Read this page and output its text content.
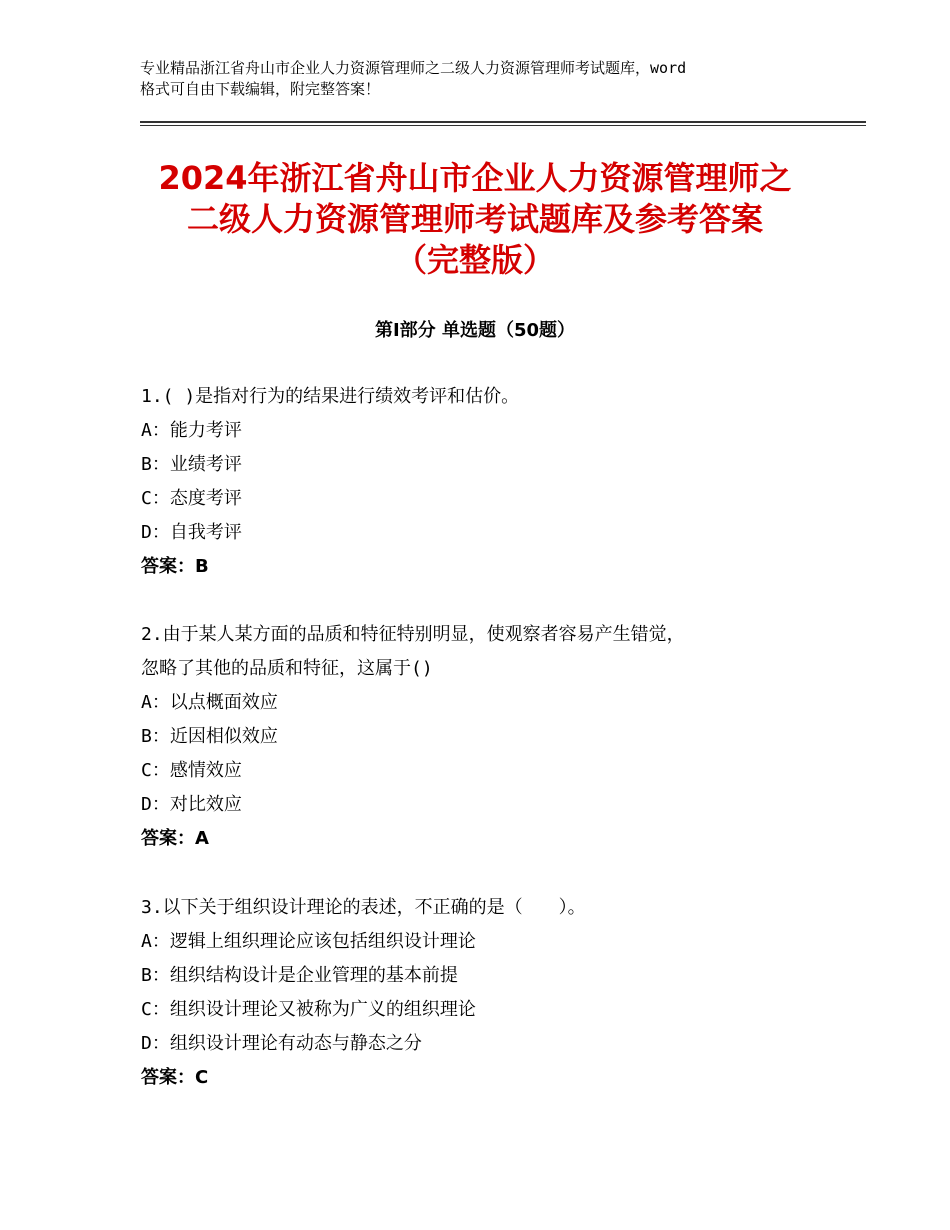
专业精品浙江省舟山市企业人力资源管理师之二级人力资源管理师考试题库，word
格式可自由下载编辑，附完整答案！
2024年浙江省舟山市企业人力资源管理师之
二级人力资源管理师考试题库及参考答案
（完整版）
第Ⅰ部分 单选题（50题）
1.( )是指对行为的结果进行绩效考评和估价。
A：能力考评
B：业绩考评
C：态度考评
D：自我考评
答案：B
2.由于某人某方面的品质和特征特别明显，使观察者容易产生错觉，
忽略了其他的品质和特征，这属于()
A：以点概面效应
B：近因相似效应
C：感情效应
D：对比效应
答案：A
3.以下关于组织设计理论的表述，不正确的是（　　）。
A：逻辑上组织理论应该包括组织设计理论
B：组织结构设计是企业管理的基本前提
C：组织设计理论又被称为广义的组织理论
D：组织设计理论有动态与静态之分
答案：C
